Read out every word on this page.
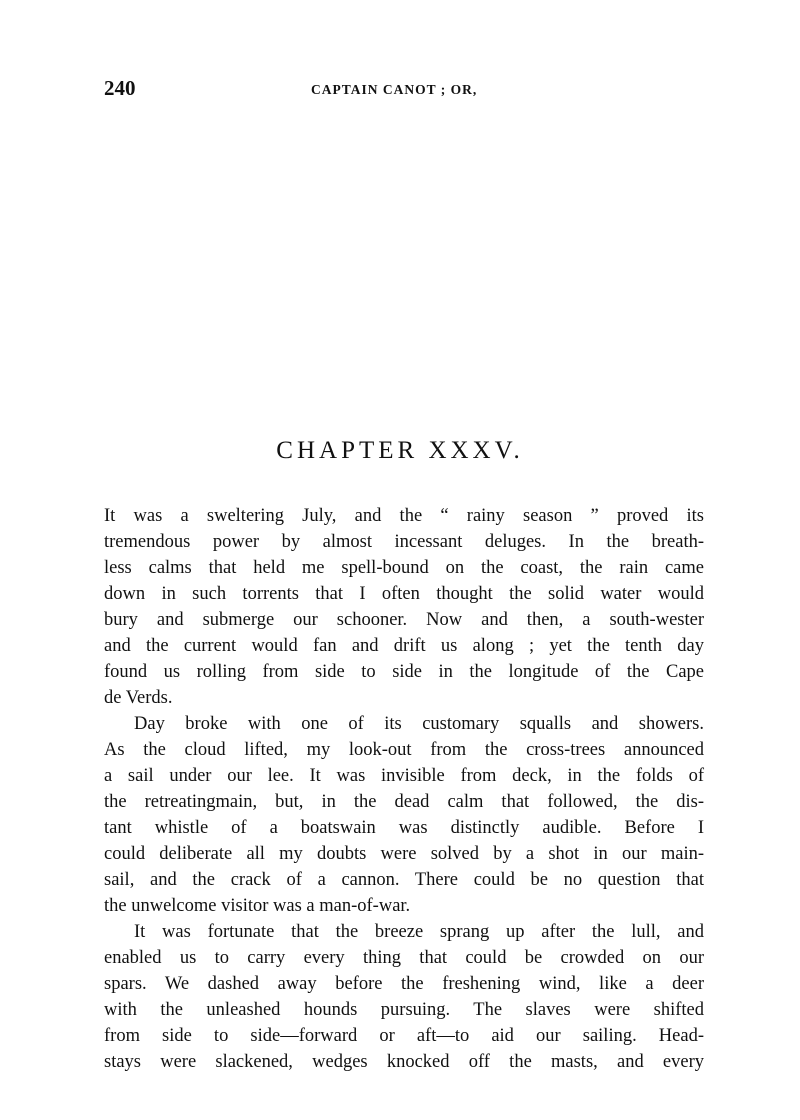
240	CAPTAIN CANOT ; OR,
CHAPTER XXXV.
It was a sweltering July, and the “ rainy season ” proved its
tremendous power by almost incessant deluges. In the breath-
less calms that held me spell-bound on the coast, the rain came
down in such torrents that I often thought the solid water would
bury and submerge our schooner. Now and then, a south-wester
and the current would fan and drift us along ; yet the tenth day
found us rolling from side to side in the longitude of the Cape
de Verds.
Day broke with one of its customary squalls and showers.
As the cloud lifted, my look-out from the cross-trees announced
a sail under our lee. It was invisible from deck, in the folds of
the retreatingmain, but, in the dead calm that followed, the dis-
tant whistle of a boatswain was distinctly audible. Before I
could deliberate all my doubts were solved by a shot in our main-
sail, and the crack of a cannon. There could be no question that
the unwelcome visitor was a man-of-war.
It was fortunate that the breeze sprang up after the lull, and
enabled us to carry every thing that could be crowded on our
spars. We dashed away before the freshening wind, like a deer
with the unleashed hounds pursuing. The slaves were shifted
from side to side—forward or aft—to aid our sailing. Head-
stays were slackened, wedges knocked off the masts, and every
